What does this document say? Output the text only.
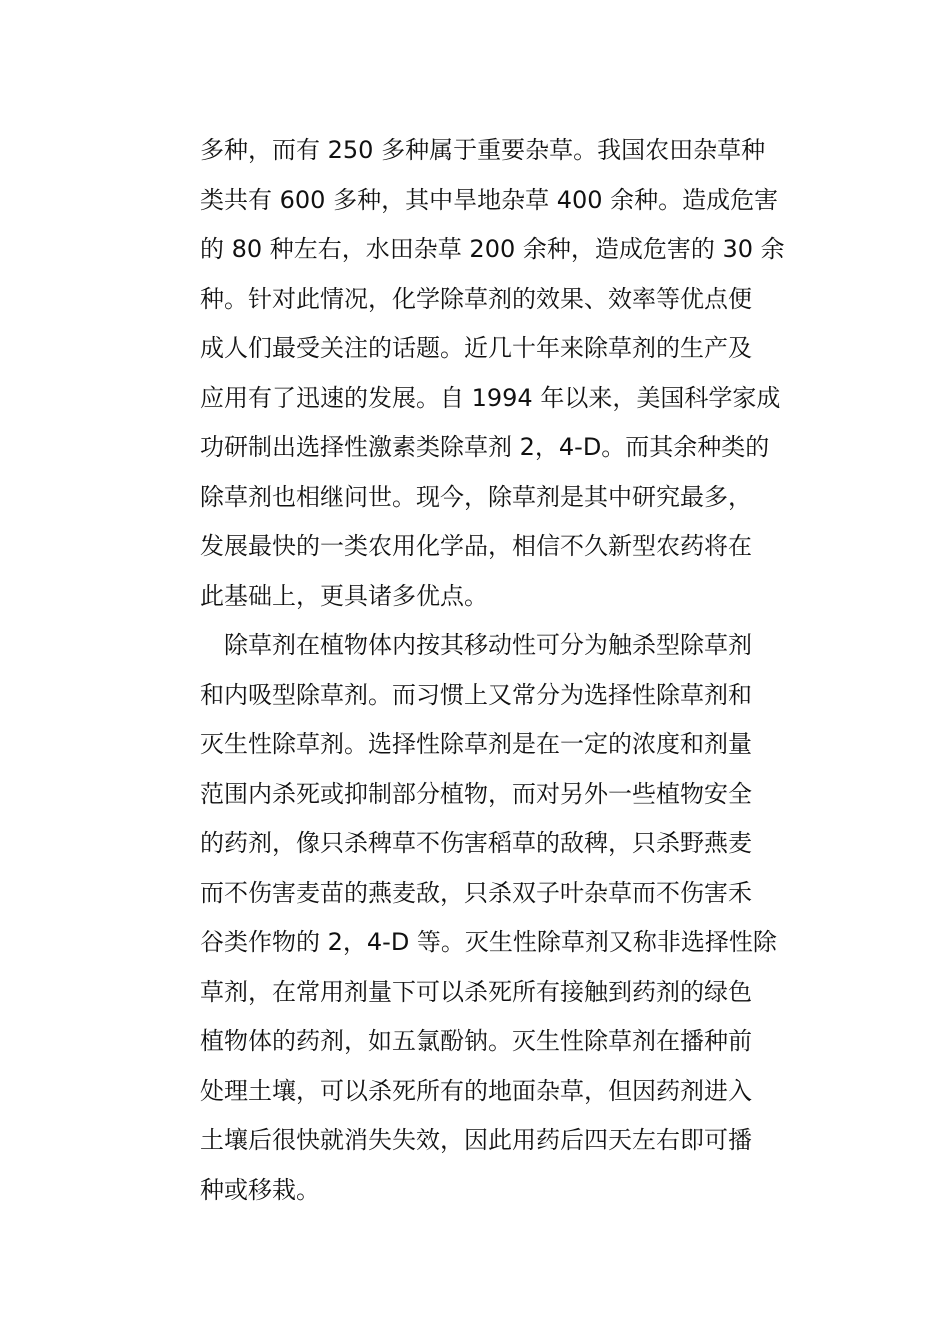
多种，而有 250 多种属于重要杂草。我国农田杂草种
类共有 600 多种，其中旱地杂草 400 余种。造成危害
的 80 种左右，水田杂草 200 余种，造成危害的 30 余
种。针对此情况，化学除草剂的效果、效率等优点便
成人们最受关注的话题。近几十年来除草剂的生产及
应用有了迅速的发展。自 1994 年以来，美国科学家成
功研制出选择性激素类除草剂 2，4-D。而其余种类的
除草剂也相继问世。现今，除草剂是其中研究最多，
发展最快的一类农用化学品，相信不久新型农药将在
此基础上，更具诸多优点。
除草剂在植物体内按其移动性可分为触杀型除草剂
和内吸型除草剂。而习惯上又常分为选择性除草剂和
灭生性除草剂。选择性除草剂是在一定的浓度和剂量
范围内杀死或抑制部分植物，而对另外一些植物安全
的药剂，像只杀稗草不伤害稻草的敌稗，只杀野燕麦
而不伤害麦苗的燕麦敌，只杀双子叶杂草而不伤害禾
谷类作物的 2，4-D 等。灭生性除草剂又称非选择性除
草剂，在常用剂量下可以杀死所有接触到药剂的绿色
植物体的药剂，如五氯酚钠。灭生性除草剂在播种前
处理土壤，可以杀死所有的地面杂草，但因药剂进入
土壤后很快就消失失效，因此用药后四天左右即可播
种或移栽。
